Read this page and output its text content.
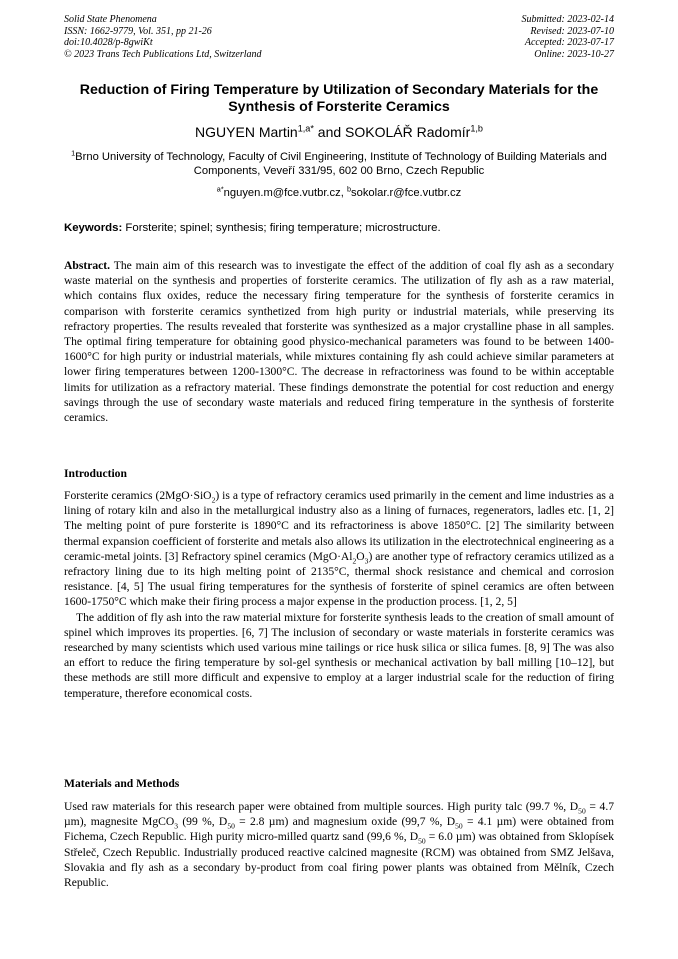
Solid State Phenomena
ISSN: 1662-9779, Vol. 351, pp 21-26
doi:10.4028/p-8gwiKt
© 2023 Trans Tech Publications Ltd, Switzerland
Submitted: 2023-02-14
Revised: 2023-07-10
Accepted: 2023-07-17
Online: 2023-10-27
Reduction of Firing Temperature by Utilization of Secondary Materials for the Synthesis of Forsterite Ceramics
NGUYEN Martin$^{1,a*}$ and SOKOLÁŘ Radomír$^{1,b}$
$^1$Brno University of Technology, Faculty of Civil Engineering, Institute of Technology of Building Materials and Components, Veveří 331/95, 602 00 Brno, Czech Republic
$^{a*}$nguyen.m@fce.vutbr.cz, $^b$sokolar.r@fce.vutbr.cz
Keywords: Forsterite; spinel; synthesis; firing temperature; microstructure.

Abstract. The main aim of this research was to investigate the effect of the addition of coal fly ash as a secondary waste material on the synthesis and properties of forsterite ceramics. The utilization of fly ash as a raw material, which contains flux oxides, reduce the necessary firing temperature for the synthesis of forsterite ceramics in comparison with forsterite ceramics synthetized from high purity or industrial materials, while preserving its refractory properties. The results revealed that forsterite was synthesized as a major crystalline phase in all samples. The optimal firing temperature for obtaining good physico-mechanical parameters was found to be between 1400-1600°C for high purity or industrial materials, while mixtures containing fly ash could achieve similar parameters at lower firing temperatures between 1200-1300°C. The decrease in refractoriness was found to be within acceptable limits for utilization as a refractory material. These findings demonstrate the potential for cost reduction and energy savings through the use of secondary waste materials and reduced firing temperature in the synthesis of forsterite ceramics.

Introduction

Forsterite ceramics (2MgO·SiO$_2$) is a type of refractory ceramics used primarily in the cement and lime industries as a lining of rotary kiln and also in the metallurgical industry also as a lining of furnaces, regenerators, ladles etc. [1, 2] The melting point of pure forsterite is 1890°C and its refractoriness is above 1850°C. [2] The similarity between thermal expansion coefficient of forsterite and metals also allows its utilization in the electrotechnical engineering as a ceramic-metal joints. [3] Refractory spinel ceramics $(MgO\cdot Al_2O_3)$ are another type of refractory ceramics utilized as a refractory lining due to its high melting point of 2135°C, thermal shock resistance and chemical and corrosion resistance. [4, 5] The usual firing temperatures for the synthesis of forsterite of spinel ceramics are often between 1600-1750°C which make their firing process a major expense in the production process. [1, 2, 5]

The addition of fly ash into the raw material mixture for forsterite synthesis leads to the creation of small amount of spinel which improves its properties. [6, 7] The inclusion of secondary or waste materials in forsterite ceramics was researched by many scientists which used various mine tailings or rice husk silica or silica fumes. [8, 9] The was also an effort to reduce the firing temperature by sol-gel synthesis or mechanical activation by ball milling [10–12], but these methods are still more difficult and expensive to employ at a larger industrial scale for the reduction of firing temperature, therefore economical costs.

Materials and Methods

Used raw materials for this research paper were obtained from multiple sources. High purity talc (99.7 %, $D_{50} = 4.7$ µm), magnesite MgCO$_3$ (99 %, $D_{50} = 2.8$ µm) and magnesium oxide (99,7 %, $D_{50} = 4.1$ µm) were obtained from Fichema, Czech Republic. High purity micro-milled quartz sand (99,6 %, $D_{50} = 6.0$ µm) was obtained from Sklopísek Střeleč, Czech Republic. Industrially produced reactive calcined magnesite (RCM) was obtained from SMZ Jelšava, Slovakia and fly ash as a secondary by-product from coal firing power plants was obtained from Mělník, Czech Republic.
